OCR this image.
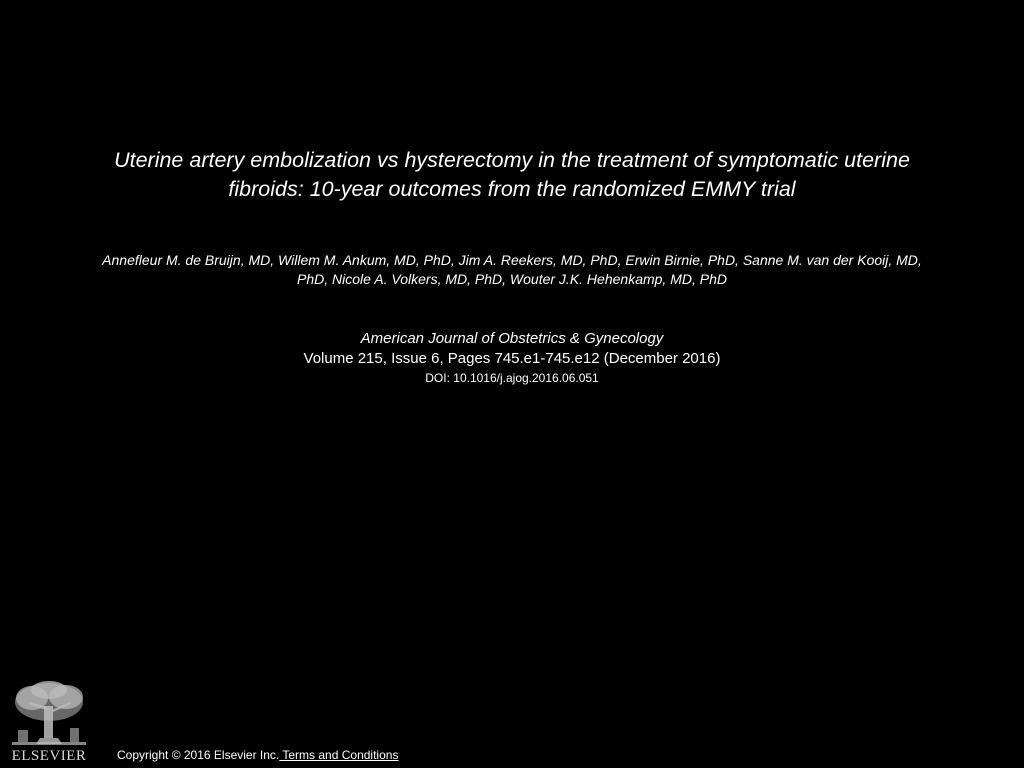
Uterine artery embolization vs hysterectomy in the treatment of symptomatic uterine
fibroids: 10-year outcomes from the randomized EMMY trial
Annefleur M. de Bruijn, MD, Willem M. Ankum, MD, PhD, Jim A. Reekers, MD, PhD, Erwin Birnie, PhD, Sanne M. van der Kooij, MD,
PhD, Nicole A. Volkers, MD, PhD, Wouter J.K. Hehenkamp, MD, PhD
American Journal of Obstetrics & Gynecology
Volume 215, Issue 6, Pages 745.e1-745.e12 (December 2016)
DOI: 10.1016/j.ajog.2016.06.051
ELSEVIER	Copyright © 2016 Elsevier Inc. Terms and Conditions
